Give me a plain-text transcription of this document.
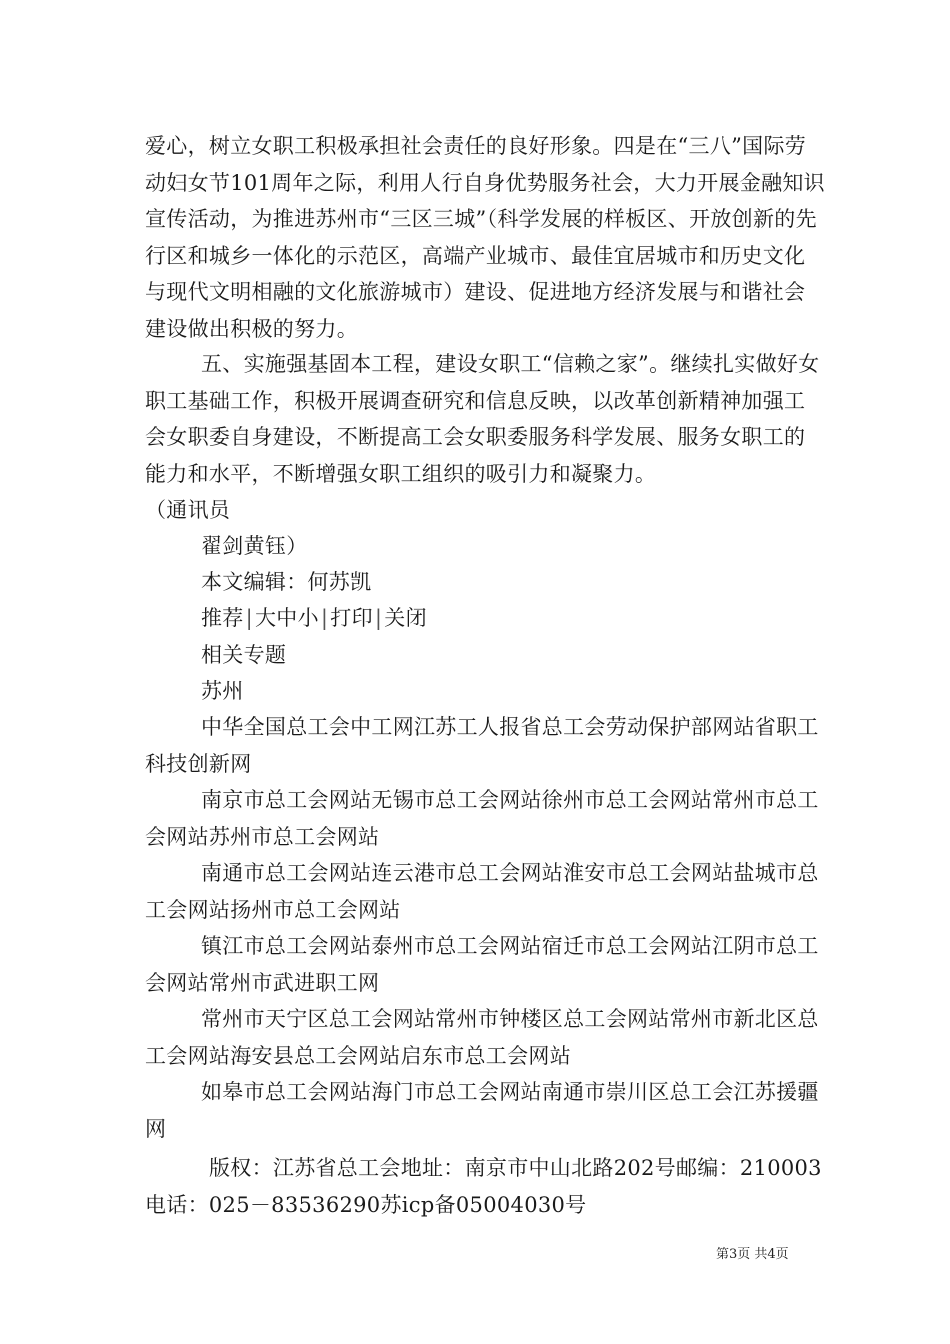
爱心，树立女职工积极承担社会责任的良好形象。四是在“三八”国际劳动妇女节101周年之际，利用人行自身优势服务社会，大力开展金融知识宣传活动，为推进苏州市“三区三城”（科学发展的样板区、开放创新的先行区和城乡一体化的示范区，高端产业城市、最佳宜居城市和历史文化与现代文明相融的文化旅游城市）建设、促进地方经济发展与和谐社会建设做出积极的努力。

五、实施强基固本工程，建设女职工“信赖之家”。继续扎实做好女职工基础工作，积极开展调查研究和信息反映，以改革创新精神加强工会女职委自身建设，不断提高工会女职委服务科学发展、服务女职工的能力和水平，不断增强女职工组织的吸引力和凝聚力。

（通讯员
翟剑黄钰）
本文编辑：何苏凯
推荐|大中小|打印|关闭
相关专题
苏州

中华全国总工会中工网江苏工人报省总工会劳动保护部网站省职工科技创新网

南京市总工会网站无锡市总工会网站徐州市总工会网站常州市总工会网站苏州市总工会网站

南通市总工会网站连云港市总工会网站淮安市总工会网站盐城市总工会网站扬州市总工会网站

镇江市总工会网站泰州市总工会网站宿迁市总工会网站江阴市总工会网站常州市武进职工网

常州市天宁区总工会网站常州市钟楼区总工会网站常州市新北区总工会网站海安县总工会网站启东市总工会网站

如皋市总工会网站海门市总工会网站南通市崇川区总工会江苏援疆网

版权：江苏省总工会地址：南京市中山北路202号邮编：210003电话：025－83536290苏icp备05004030号

第3页 共4页
